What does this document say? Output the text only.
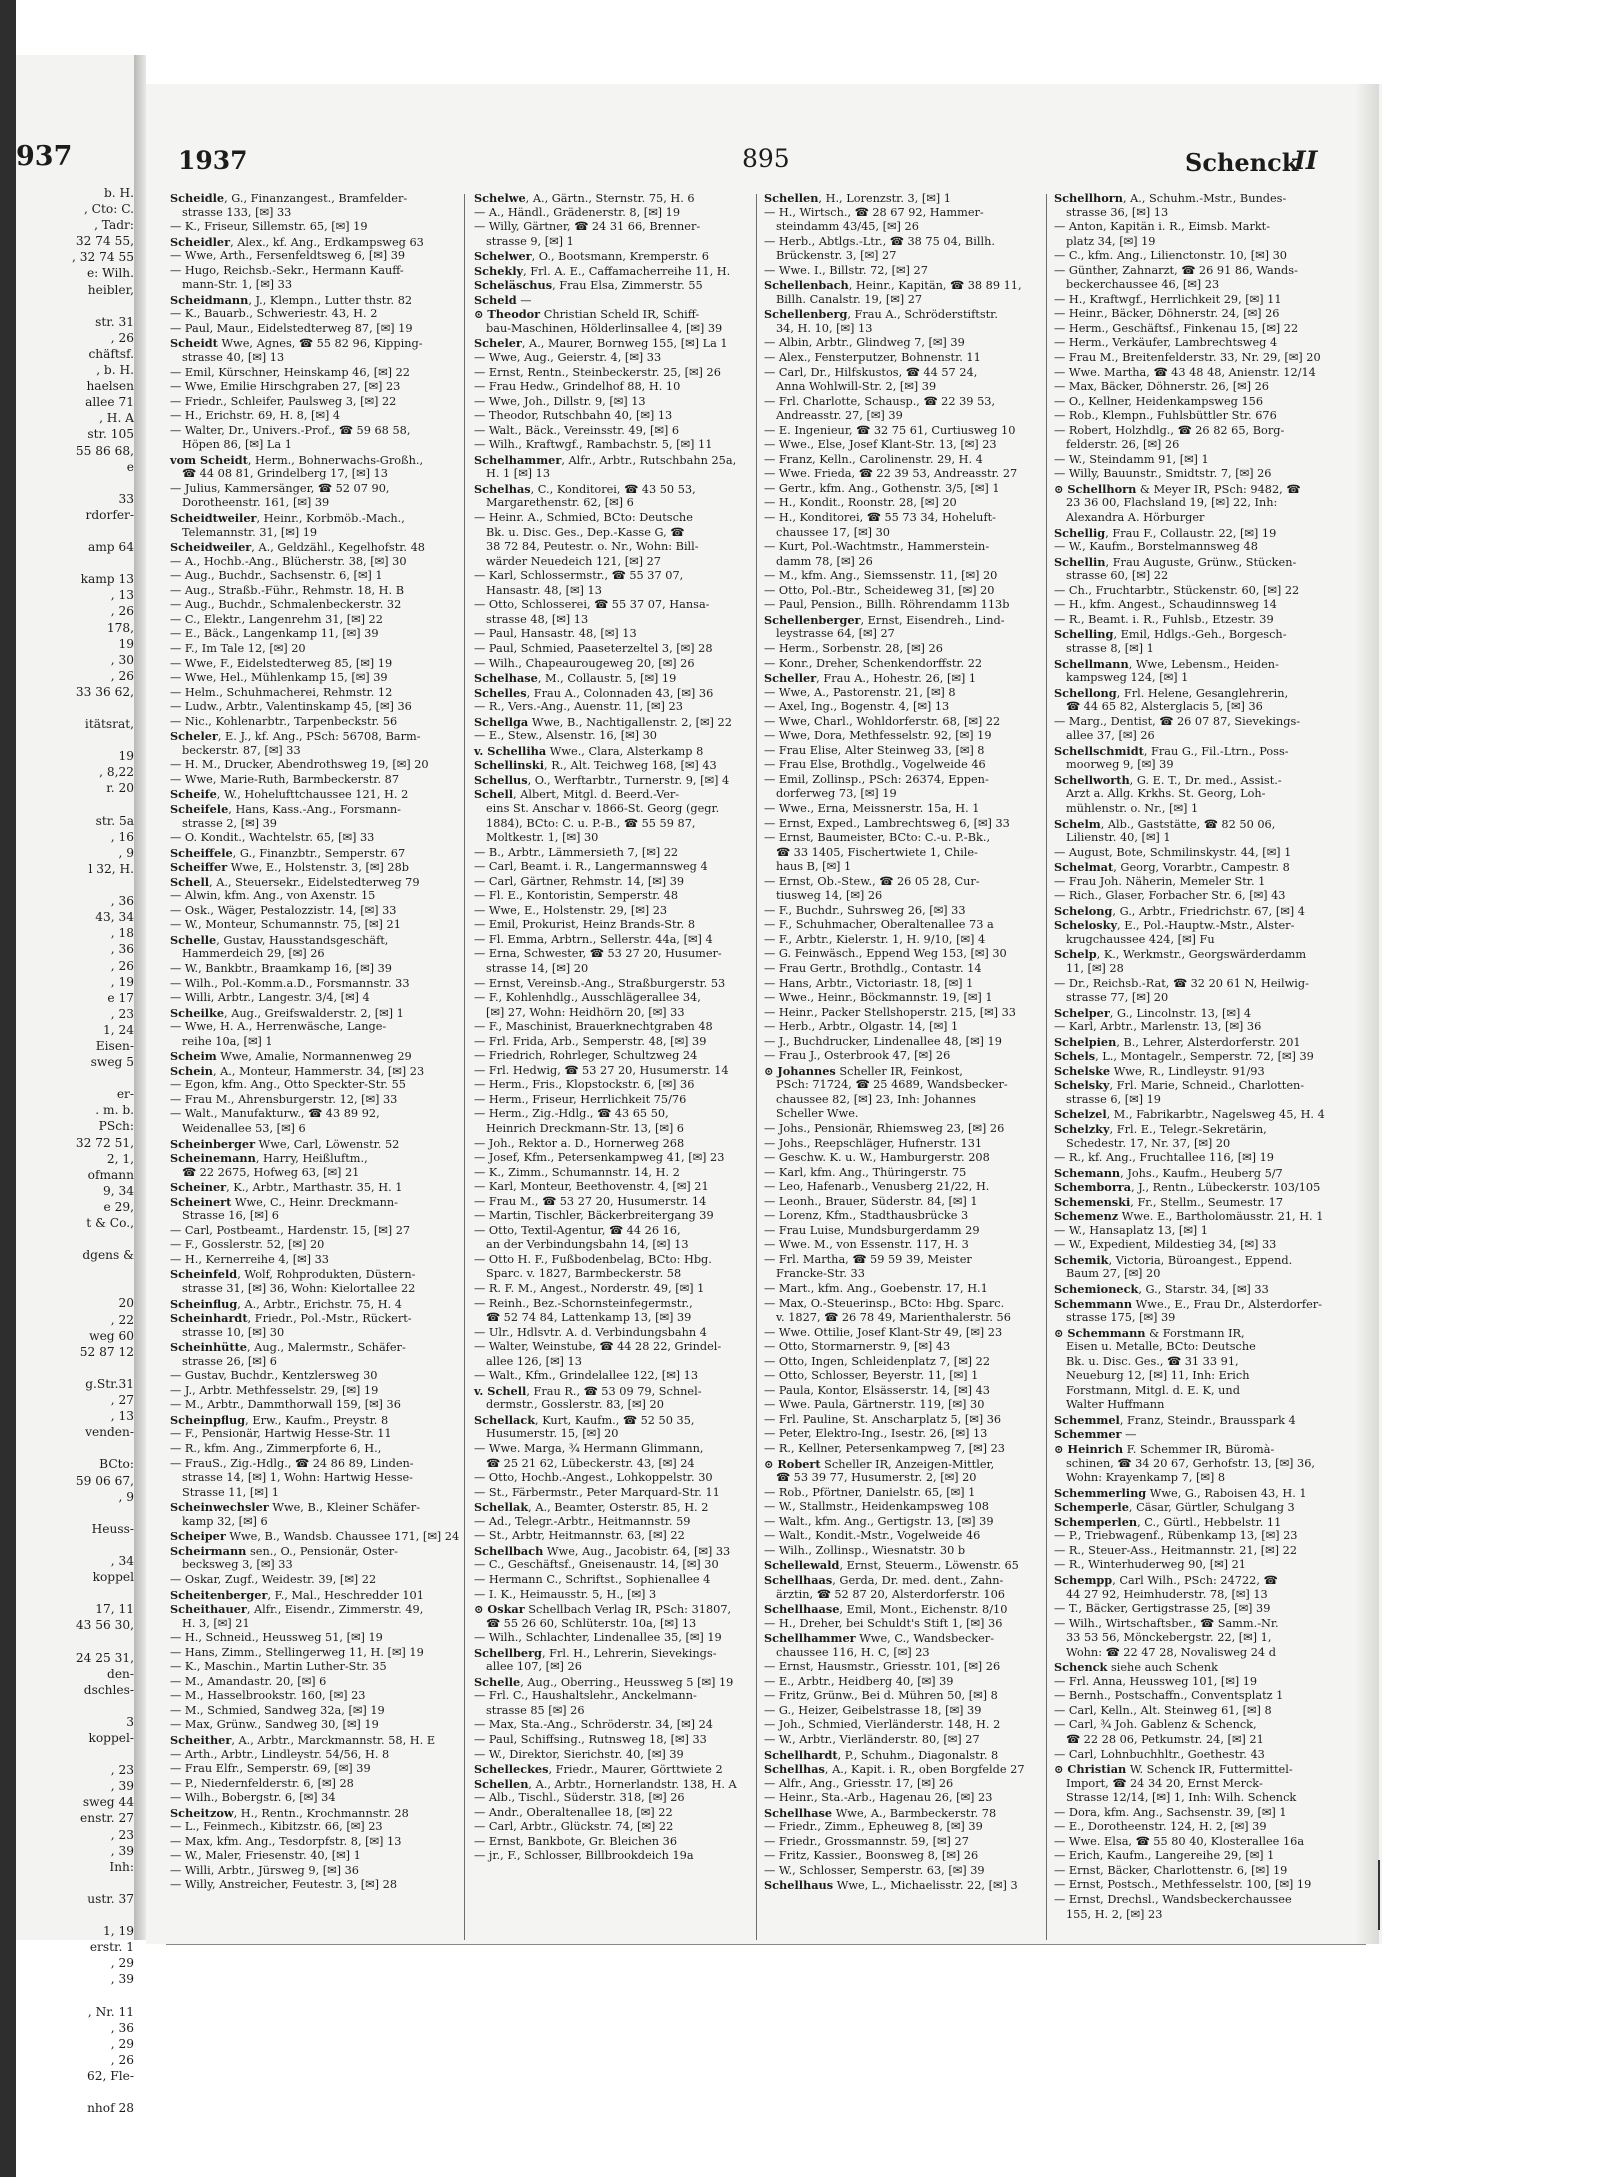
937
b. H.
, Cto: C.
, Tadr:
32 74 55,
, 32 74 55
e: Wilh.
heibler,
str. 31
, 26
chäftsf.
, b. H.
haelsen
allee 71
, H. A
str. 105
55 86 68,
e
33
rdorfer-
amp 64
kamp 13
, 13
, 26
178,
19
, 30
, 26
33 36 62,
itätsrat,
19
, 8,22
r. 20
str. 5a
, 16
, 9
l 32, H.
, 36
43, 34
, 18
, 36
, 26
, 19
e 17
, 23
1, 24
Eisen-
sweg 5
er-
. m. b.
PSch:
32 72 51,
2, 1,
ofmann
9, 34
e 29,
t & Co.,
dgens &
20
, 22
weg 60
52 87 12
g.Str.31
, 27
, 13
venden-
BCto:
59 06 67,
, 9
Heuss-
, 34
koppel
17, 11
43 56 30,
24 25 31,
den-
dschles-
3
koppel-
, 23
, 39
sweg 44
enstr. 27
, 23
, 39
Inh:
ustr. 37
1, 19
erstr. 1
, 29
, 39
, Nr. 11
, 36
, 29
, 26
62, Fle-
nhof 28
1937	895	Schenck
II
Scheidle, G., Finanzangest., Bramfelder-
strasse 133, [✉] 33
— K., Friseur, Sillemstr. 65, [✉] 19
Scheidler, Alex., kf. Ang., Erdkampsweg 63
— Wwe, Arth., Fersenfeldtsweg 6, [✉] 39
— Hugo, Reichsb.-Sekr., Hermann Kauff-
mann-Str. 1, [✉] 33
Scheidmann, J., Klempn., Lutter thstr. 82
— K., Bauarb., Schweriestr. 43, H. 2
— Paul, Maur., Eidelstedterweg 87, [✉] 19
Scheidt Wwe, Agnes, ☎ 55 82 96, Kipping-
strasse 40, [✉] 13
— Emil, Kürschner, Heinskamp 46, [✉] 22
— Wwe, Emilie Hirschgraben 27, [✉] 23
— Friedr., Schleifer, Paulsweg 3, [✉] 22
— H., Erichstr. 69, H. 8, [✉] 4
— Walter, Dr., Univers.-Prof., ☎ 59 68 58,
Höpen 86, [✉] La 1
vom Scheidt, Herm., Bohnerwachs-Großh.,
☎ 44 08 81, Grindelberg 17, [✉] 13
— Julius, Kammersänger, ☎ 52 07 90,
Dorotheenstr. 161, [✉] 39
Scheidtweiler, Heinr., Korbmöb.-Mach.,
Telemannstr. 31, [✉] 19
Scheidweiler, A., Geldzähl., Kegelhofstr. 48
— A., Hochb.-Ang., Blücherstr. 38, [✉] 30
— Aug., Buchdr., Sachsenstr. 6, [✉] 1
— Aug., Straßb.-Führ., Rehmstr. 18, H. B
— Aug., Buchdr., Schmalenbeckerstr. 32
— C., Elektr., Langenrehm 31, [✉] 22
— E., Bäck., Langenkamp 11, [✉] 39
— F., Im Tale 12, [✉] 20
— Wwe, F., Eidelstedterweg 85, [✉] 19
— Wwe, Hel., Mühlenkamp 15, [✉] 39
— Helm., Schuhmacherei, Rehmstr. 12
— Ludw., Arbtr., Valentinskamp 45, [✉] 36
— Nic., Kohlenarbtr., Tarpenbeckstr. 56
Scheler, E. J., kf. Ang., PSch: 56708, Barm-
beckerstr. 87, [✉] 33
— H. M., Drucker, Abendrothsweg 19, [✉] 20
— Wwe, Marie-Ruth, Barmbeckerstr. 87
Scheife, W., Hohelufttchaussee 121, H. 2
Scheifele, Hans, Kass.-Ang., Forsmann-
strasse 2, [✉] 39
— O. Kondit., Wachtelstr. 65, [✉] 33
Scheiffele, G., Finanzbtr., Semperstr. 67
Scheiffer Wwe, E., Holstenstr. 3, [✉] 28b
Schell, A., Steuersekr., Eidelstedterweg 79
— Alwin, kfm. Ang., von Axenstr. 15
— Osk., Wäger, Pestalozzistr. 14, [✉] 33
— W., Monteur, Schumannstr. 75, [✉] 21
Schelle, Gustav, Hausstandsgeschäft,
Hammerdeich 29, [✉] 26
— W., Bankbtr., Braamkamp 16, [✉] 39
— Wilh., Pol.-Komm.a.D., Forsmannstr. 33
— Willi, Arbtr., Langestr. 3/4, [✉] 4
Scheilke, Aug., Greifswalderstr. 2, [✉] 1
— Wwe, H. A., Herrenwäsche, Lange-
reihe 10a, [✉] 1
Scheim Wwe, Amalie, Normannenweg 29
Schein, A., Monteur, Hammerstr. 34, [✉] 23
— Egon, kfm. Ang., Otto Speckter-Str. 55
— Frau M., Ahrensburgerstr. 12, [✉] 33
— Walt., Manufakturw., ☎ 43 89 92,
Weidenallee 53, [✉] 6
Scheinberger Wwe, Carl, Löwenstr. 52
Scheinemann, Harry, Heißluftm.,
☎ 22 2675, Hofweg 63, [✉] 21
Scheiner, K., Arbtr., Marthastr. 35, H. 1
Scheinert Wwe, C., Heinr. Dreckmann-
Strasse 16, [✉] 6
— Carl, Postbeamt., Hardenstr. 15, [✉] 27
— F., Gosslerstr. 52, [✉] 20
— H., Kernerreihe 4, [✉] 33
Scheinfeld, Wolf, Rohprodukten, Düstern-
strasse 31, [✉] 36, Wohn: Kielortallee 22
Scheinflug, A., Arbtr., Erichstr. 75, H. 4
Scheinhardt, Friedr., Pol.-Mstr., Rückert-
strasse 10, [✉] 30
Scheinhütte, Aug., Malermstr., Schäfer-
strasse 26, [✉] 6
— Gustav, Buchdr., Kentzlersweg 30
— J., Arbtr. Methfesselstr. 29, [✉] 19
— M., Arbtr., Dammthorwall 159, [✉] 36
Scheinpflug, Erw., Kaufm., Preystr. 8
— F., Pensionär, Hartwig Hesse-Str. 11
— R., kfm. Ang., Zimmerpforte 6, H.,
— FrauS., Zig.-Hdlg., ☎ 24 86 89, Linden-
strasse 14, [✉] 1, Wohn: Hartwig Hesse-
Strasse 11, [✉] 1
Scheinwechsler Wwe, B., Kleiner Schäfer-
kamp 32, [✉] 6
Scheiper Wwe, B., Wandsb. Chaussee 171, [✉] 24
Scheirmann sen., O., Pensionär, Oster-
becksweg 3, [✉] 33
— Oskar, Zugf., Weidestr. 39, [✉] 22
Scheitenberger, F., Mal., Heschredder 101
Scheithauer, Alfr., Eisendr., Zimmerstr. 49,
H. 3, [✉] 21
— H., Schneid., Heussweg 51, [✉] 19
— Hans, Zimm., Stellingerweg 11, H. [✉] 19
— K., Maschin., Martin Luther-Str. 35
— M., Amandastr. 20, [✉] 6
— M., Hasselbrookstr. 160, [✉] 23
— M., Schmied, Sandweg 32a, [✉] 19
— Max, Grünw., Sandweg 30, [✉] 19
Scheither, A., Arbtr., Marckmannstr. 58, H. E
— Arth., Arbtr., Lindleystr. 54/56, H. 8
— Frau Elfr., Semperstr. 69, [✉] 39
— P., Niedernfelderstr. 6, [✉] 28
— Wilh., Bobergstr. 6, [✉] 34
Scheitzow, H., Rentn., Krochmannstr. 28
— L., Feinmech., Kibitzstr. 66, [✉] 23
— Max, kfm. Ang., Tesdorpfstr. 8, [✉] 13
— W., Maler, Friesenstr. 40, [✉] 1
— Willi, Arbtr., Jürsweg 9, [✉] 36
— Willy, Anstreicher, Feutestr. 3, [✉] 28
Schelwe, A., Gärtn., Sternstr. 75, H. 6
— A., Händl., Grädenerstr. 8, [✉] 19
— Willy, Gärtner, ☎ 24 31 66, Brenner-
strasse 9, [✉] 1
Schelwer, O., Bootsmann, Kremperstr. 6
Schekly, Frl. A. E., Caffamacherreihe 11, H.
Scheläschus, Frau Elsa, Zimmerstr. 55
Scheld —
⊙ Theodor Christian Scheld IR, Schiff-
bau-Maschinen, Hölderlinsallee 4, [✉] 39
Scheler, A., Maurer, Bornweg 155, [✉] La 1
— Wwe, Aug., Geierstr. 4, [✉] 33
— Ernst, Rentn., Steinbeckerstr. 25, [✉] 26
— Frau Hedw., Grindelhof 88, H. 10
— Wwe, Joh., Dillstr. 9, [✉] 13
— Theodor, Rutschbahn 40, [✉] 13
— Walt., Bäck., Vereinsstr. 49, [✉] 6
— Wilh., Kraftwgf., Rambachstr. 5, [✉] 11
Schelhammer, Alfr., Arbtr., Rutschbahn 25a,
H. 1 [✉] 13
Schelhas, C., Konditorei, ☎ 43 50 53,
Margarethenstr. 62, [✉] 6
— Heinr. A., Schmied, BCto: Deutsche
Bk. u. Disc. Ges., Dep.-Kasse G, ☎
38 72 84, Peutestr. o. Nr., Wohn: Bill-
wärder Neuedeich 121, [✉] 27
— Karl, Schlossermstr., ☎ 55 37 07,
Hansastr. 48, [✉] 13
— Otto, Schlosserei, ☎ 55 37 07, Hansa-
strasse 48, [✉] 13
— Paul, Hansastr. 48, [✉] 13
— Paul, Schmied, Paaseterzeltel 3, [✉] 28
— Wilh., Chapeaurougeweg 20, [✉] 26
Schelhase, M., Collaustr. 5, [✉] 19
Schelles, Frau A., Colonnaden 43, [✉] 36
— R., Vers.-Ang., Auenstr. 11, [✉] 23
Schellga Wwe, B., Nachtigallenstr. 2, [✉] 22
— E., Stew., Alsenstr. 16, [✉] 30
v. Schelliha Wwe., Clara, Alsterkamp 8
Schellinski, R., Alt. Teichweg 168, [✉] 43
Schellus, O., Werftarbtr., Turnerstr. 9, [✉] 4
Schell, Albert, Mitgl. d. Beerd.-Ver-
eins St. Anschar v. 1866-St. Georg (gegr.
1884), BCto: C. u. P.-B., ☎ 55 59 87,
Moltkestr. 1, [✉] 30
— B., Arbtr., Lämmersieth 7, [✉] 22
— Carl, Beamt. i. R., Langermannsweg 4
— Carl, Gärtner, Rehmstr. 14, [✉] 39
— Fl. E., Kontoristin, Semperstr. 48
— Wwe, E., Holstenstr. 29, [✉] 23
— Emil, Prokurist, Heinz Brands-Str. 8
— Fl. Emma, Arbtrn., Sellerstr. 44a, [✉] 4
— Erna, Schwester, ☎ 53 27 20, Husumer-
strasse 14, [✉] 20
— Ernst, Vereinsb.-Ang., Straßburgerstr. 53
— F., Kohlenhdlg., Ausschlägerallee 34,
[✉] 27, Wohn: Heidhörn 20, [✉] 33
— F., Maschinist, Brauerknechtgraben 48
— Frl. Frida, Arb., Semperstr. 48, [✉] 39
— Friedrich, Rohrleger, Schultzweg 24
— Frl. Hedwig, ☎ 53 27 20, Husumerstr. 14
— Herm., Fris., Klopstockstr. 6, [✉] 36
— Herm., Friseur, Herrlichkeit 75/76
— Herm., Zig.-Hdlg., ☎ 43 65 50,
Heinrich Dreckmann-Str. 13, [✉] 6
— Joh., Rektor a. D., Hornerweg 268
— Josef, Kfm., Petersenkampweg 41, [✉] 23
— K., Zimm., Schumannstr. 14, H. 2
— Karl, Monteur, Beethovenstr. 4, [✉] 21
— Frau M., ☎ 53 27 20, Husumerstr. 14
— Martin, Tischler, Bäckerbreitergang 39
— Otto, Textil-Agentur, ☎ 44 26 16,
an der Verbindungsbahn 14, [✉] 13
— Otto H. F., Fußbodenbelag, BCto: Hbg.
Sparc. v. 1827, Barmbeckerstr. 58
— R. F. M., Angest., Norderstr. 49, [✉] 1
— Reinh., Bez.-Schornsteinfegermstr.,
☎ 52 74 84, Lattenkamp 13, [✉] 39
— Ulr., Hdlsvtr. A. d. Verbindungsbahn 4
— Walter, Weinstube, ☎ 44 28 22, Grindel-
allee 126, [✉] 13
— Walt., Kfm., Grindelallee 122, [✉] 13
v. Schell, Frau R., ☎ 53 09 79, Schnel-
dermstr., Gosslerstr. 83, [✉] 20
Schellack, Kurt, Kaufm., ☎ 52 50 35,
Husumerstr. 15, [✉] 20
— Wwe. Marga, ¾ Hermann Glimmann,
☎ 25 21 62, Lübeckerstr. 43, [✉] 24
— Otto, Hochb.-Angest., Lohkoppelstr. 30
— St., Färbermstr., Peter Marquard-Str. 11
Schellak, A., Beamter, Osterstr. 85, H. 2
— Ad., Telegr.-Arbtr., Heitmannstr. 59
— St., Arbtr, Heitmannstr. 63, [✉] 22
Schellbach Wwe, Aug., Jacobistr. 64, [✉] 33
— C., Geschäftsf., Gneisenaustr. 14, [✉] 30
— Hermann C., Schriftst., Sophienallee 4
— I. K., Heimausstr. 5, H., [✉] 3
⊙ Oskar Schellbach Verlag IR, PSch: 31807,
☎ 55 26 60, Schlüterstr. 10a, [✉] 13
— Wilh., Schlachter, Lindenallee 35, [✉] 19
Schellberg, Frl. H., Lehrerin, Sievekings-
allee 107, [✉] 26
Schelle, Aug., Oberring., Heussweg 5 [✉] 19
— Frl. C., Haushaltslehr., Anckelmann-
strasse 85 [✉] 26
— Max, Sta.-Ang., Schröderstr. 34, [✉] 24
— Paul, Schiffsing., Rutnsweg 18, [✉] 33
— W., Direktor, Sierichstr. 40, [✉] 39
Schelleckes, Friedr., Maurer, Görttwiete 2
Schellen, A., Arbtr., Hornerlandstr. 138, H. A
— Alb., Tischl., Süderstr. 318, [✉] 26
— Andr., Oberaltenallee 18, [✉] 22
— Carl, Arbtr., Glückstr. 74, [✉] 22
— Ernst, Bankbote, Gr. Bleichen 36
— jr., F., Schlosser, Billbrookdeich 19a
Schellen, H., Lorenzstr. 3, [✉] 1
— H., Wirtsch., ☎ 28 67 92, Hammer-
steindamm 43/45, [✉] 26
— Herb., Abtlgs.-Ltr., ☎ 38 75 04, Billh.
Brückenstr. 3, [✉] 27
— Wwe. I., Billstr. 72, [✉] 27
Schellenbach, Heinr., Kapitän, ☎ 38 89 11,
Billh. Canalstr. 19, [✉] 27
Schellenberg, Frau A., Schröderstiftstr.
34, H. 10, [✉] 13
— Albin, Arbtr., Glindweg 7, [✉] 39
— Alex., Fensterputzer, Bohnenstr. 11
— Carl, Dr., Hilfskustos, ☎ 44 57 24,
Anna Wohlwill-Str. 2, [✉] 39
— Frl. Charlotte, Schausp., ☎ 22 39 53,
Andreasstr. 27, [✉] 39
— E. Ingenieur, ☎ 32 75 61, Curtiusweg 10
— Wwe., Else, Josef Klant-Str. 13, [✉] 23
— Franz, Kelln., Carolinenstr. 29, H. 4
— Wwe. Frieda, ☎ 22 39 53, Andreasstr. 27
— Gertr., kfm. Ang., Gothenstr. 3/5, [✉] 1
— H., Kondit., Roonstr. 28, [✉] 20
— H., Konditorei, ☎ 55 73 34, Hoheluft-
chaussee 17, [✉] 30
— Kurt, Pol.-Wachtmstr., Hammerstein-
damm 78, [✉] 26
— M., kfm. Ang., Siemssenstr. 11, [✉] 20
— Otto, Pol.-Btr., Scheideweg 31, [✉] 20
— Paul, Pension., Billh. Röhrendamm 113b
Schellenberger, Ernst, Eisendreh., Lind-
leystrasse 64, [✉] 27
— Herm., Sorbenstr. 28, [✉] 26
— Konr., Dreher, Schenkendorffstr. 22
Scheller, Frau A., Hohestr. 26, [✉] 1
— Wwe, A., Pastorenstr. 21, [✉] 8
— Axel, Ing., Bogenstr. 4, [✉] 13
— Wwe, Charl., Wohldorferstr. 68, [✉] 22
— Wwe, Dora, Methfesselstr. 92, [✉] 19
— Frau Elise, Alter Steinweg 33, [✉] 8
— Frau Else, Brothdlg., Vogelweide 46
— Emil, Zollinsp., PSch: 26374, Eppen-
dorferweg 73, [✉] 19
— Wwe., Erna, Meissnerstr. 15a, H. 1
— Ernst, Exped., Lambrechtsweg 6, [✉] 33
— Ernst, Baumeister, BCto: C.-u. P.-Bk.,
☎ 33 1405, Fischertwiete 1, Chile-
haus B, [✉] 1
— Ernst, Ob.-Stew., ☎ 26 05 28, Cur-
tiusweg 14, [✉] 26
— F., Buchdr., Suhrsweg 26, [✉] 33
— F., Schuhmacher, Oberaltenallee 73 a
— F., Arbtr., Kielerstr. 1, H. 9/10, [✉] 4
— G. Feinwäsch., Eppend Weg 153, [✉] 30
— Frau Gertr., Brothdlg., Contastr. 14
— Hans, Arbtr., Victoriastr. 18, [✉] 1
— Wwe., Heinr., Böckmannstr. 19, [✉] 1
— Heinr., Packer Stellshoperstr. 215, [✉] 33
— Herb., Arbtr., Olgastr. 14, [✉] 1
— J., Buchdrucker, Lindenallee 48, [✉] 19
— Frau J., Osterbrook 47, [✉] 26
⊙ Johannes Scheller IR, Feinkost,
PSch: 71724, ☎ 25 4689, Wandsbecker-
chaussee 82, [✉] 23, Inh: Johannes
Scheller Wwe.
— Johs., Pensionär, Rhiemsweg 23, [✉] 26
— Johs., Reepschläger, Hufnerstr. 131
— Geschw. K. u. W., Hamburgerstr. 208
— Karl, kfm. Ang., Thüringerstr. 75
— Leo, Hafenarb., Venusberg 21/22, H.
— Leonh., Brauer, Süderstr. 84, [✉] 1
— Lorenz, Kfm., Stadthausbrücke 3
— Frau Luise, Mundsburgerdamm 29
— Wwe. M., von Essenstr. 117, H. 3
— Frl. Martha, ☎ 59 59 39, Meister
Francke-Str. 33
— Mart., kfm. Ang., Goebenstr. 17, H.1
— Max, O.-Steuerinsp., BCto: Hbg. Sparc.
v. 1827, ☎ 26 78 49, Marienthalerstr. 56
— Wwe. Ottilie, Josef Klant-Str 49, [✉] 23
— Otto, Stormarnerstr. 9, [✉] 43
— Otto, Ingen, Schleidenplatz 7, [✉] 22
— Otto, Schlosser, Beyerstr. 11, [✉] 1
— Paula, Kontor, Elsässerstr. 14, [✉] 43
— Wwe. Paula, Gärtnerstr. 119, [✉] 30
— Frl. Pauline, St. Anscharplatz 5, [✉] 36
— Peter, Elektro-Ing., Isestr. 26, [✉] 13
— R., Kellner, Petersenkampweg 7, [✉] 23
⊙ Robert Scheller IR, Anzeigen-Mittler,
☎ 53 39 77, Husumerstr. 2, [✉] 20
— Rob., Pförtner, Danielstr. 65, [✉] 1
— W., Stallmstr., Heidenkampsweg 108
— Walt., kfm. Ang., Gertigstr. 13, [✉] 39
— Walt., Kondit.-Mstr., Vogelweide 46
— Wilh., Zollinsp., Wiesnatstr. 30 b
Schellewald, Ernst, Steuerm., Löwenstr. 65
Schellhaas, Gerda, Dr. med. dent., Zahn-
ärztin, ☎ 52 87 20, Alsterdorferstr. 106
Schellhaase, Emil, Mont., Eichenstr. 8/10
— H., Dreher, bei Schuldt's Stift 1, [✉] 36
Schellhammer Wwe, C., Wandsbecker-
chaussee 116, H. C, [✉] 23
— Ernst, Hausmstr., Griesstr. 101, [✉] 26
— E., Arbtr., Heidberg 40, [✉] 39
— Fritz, Grünw., Bei d. Mühren 50, [✉] 8
— G., Heizer, Geibelstrasse 18, [✉] 39
— Joh., Schmied, Vierländerstr. 148, H. 2
— W., Arbtr., Vierländerstr. 80, [✉] 27
Schellhardt, P., Schuhm., Diagonalstr. 8
Schellhas, A., Kapit. i. R., oben Borgfelde 27
— Alfr., Ang., Griesstr. 17, [✉] 26
— Heinr., Sta.-Arb., Hagenau 26, [✉] 23
Schellhase Wwe, A., Barmbeckerstr. 78
— Friedr., Zimm., Epheuweg 8, [✉] 39
— Friedr., Grossmannstr. 59, [✉] 27
— Fritz, Kassier., Boonsweg 8, [✉] 26
— W., Schlosser, Semperstr. 63, [✉] 39
Schellhaus Wwe, L., Michaelisstr. 22, [✉] 3
Schellhorn, A., Schuhm.-Mstr., Bundes-
strasse 36, [✉] 13
— Anton, Kapitän i. R., Eimsb. Markt-
platz 34, [✉] 19
— C., kfm. Ang., Lilienctonstr. 10, [✉] 30
— Günther, Zahnarzt, ☎ 26 91 86, Wands-
beckerchaussee 46, [✉] 23
— H., Kraftwgf., Herrlichkeit 29, [✉] 11
— Heinr., Bäcker, Döhnerstr. 24, [✉] 26
— Herm., Geschäftsf., Finkenau 15, [✉] 22
— Herm., Verkäufer, Lambrechtsweg 4
— Frau M., Breitenfelderstr. 33, Nr. 29, [✉] 20
— Wwe. Martha, ☎ 43 48 48, Anienstr. 12/14
— Max, Bäcker, Döhnerstr. 26, [✉] 26
— O., Kellner, Heidenkampsweg 156
— Rob., Klempn., Fuhlsbüttler Str. 676
— Robert, Holzhdlg., ☎ 26 82 65, Borg-
felderstr. 26, [✉] 26
— W., Steindamm 91, [✉] 1
— Willy, Bauunstr., Smidtstr. 7, [✉] 26
⊙ Schellhorn & Meyer IR, PSch: 9482, ☎
23 36 00, Flachsland 19, [✉] 22, Inh:
Alexandra A. Hörburger
Schellig, Frau F., Collaustr. 22, [✉] 19
— W., Kaufm., Borstelmannsweg 48
Schellin, Frau Auguste, Grünw., Stücken-
strasse 60, [✉] 22
— Ch., Fruchtarbtr., Stückenstr. 60, [✉] 22
— H., kfm. Angest., Schaudinnsweg 14
— R., Beamt. i. R., Fuhlsb., Etzestr. 39
Schelling, Emil, Hdlgs.-Geh., Borgesch-
strasse 8, [✉] 1
Schellmann, Wwe, Lebensm., Heiden-
kampsweg 124, [✉] 1
Schellong, Frl. Helene, Gesanglehrerin,
☎ 44 65 82, Alsterglacis 5, [✉] 36
— Marg., Dentist, ☎ 26 07 87, Sievekings-
allee 37, [✉] 26
Schellschmidt, Frau G., Fil.-Ltrn., Poss-
moorweg 9, [✉] 39
Schellworth, G. E. T., Dr. med., Assist.-
Arzt a. Allg. Krkhs. St. Georg, Loh-
mühlenstr. o. Nr., [✉] 1
Schelm, Alb., Gaststätte, ☎ 82 50 06,
Lilienstr. 40, [✉] 1
— August, Bote, Schmilinskystr. 44, [✉] 1
Schelmat, Georg, Vorarbtr., Campestr. 8
— Frau Joh. Näherin, Memeler Str. 1
— Rich., Glaser, Forbacher Str. 6, [✉] 43
Schelong, G., Arbtr., Friedrichstr. 67, [✉] 4
Schelosky, E., Pol.-Hauptw.-Mstr., Alster-
krugchaussee 424, [✉] Fu
Schelp, K., Werkmstr., Georgswärderdamm
11, [✉] 28
— Dr., Reichsb.-Rat, ☎ 32 20 61 N, Heilwig-
strasse 77, [✉] 20
Schelper, G., Lincolnstr. 13, [✉] 4
— Karl, Arbtr., Marlenstr. 13, [✉] 36
Schelpien, B., Lehrer, Alsterdorferstr. 201
Schels, L., Montagelr., Semperstr. 72, [✉] 39
Schelske Wwe, R., Lindleystr. 91/93
Schelsky, Frl. Marie, Schneid., Charlotten-
strasse 6, [✉] 19
Schelzel, M., Fabrikarbtr., Nagelsweg 45, H. 4
Schelzky, Frl. E., Telegr.-Sekretärin,
Schedestr. 17, Nr. 37, [✉] 20
— R., kf. Ang., Fruchtallee 116, [✉] 19
Schemann, Johs., Kaufm., Heuberg 5/7
Schemborra, J., Rentn., Lübeckerstr. 103/105
Schemenski, Fr., Stellm., Seumestr. 17
Schemenz Wwe. E., Bartholomäusstr. 21, H. 1
— W., Hansaplatz 13, [✉] 1
— W., Expedient, Mildestieg 34, [✉] 33
Schemik, Victoria, Büroangest., Eppend.
Baum 27, [✉] 20
Schemioneck, G., Starstr. 34, [✉] 33
Schemmann Wwe., E., Frau Dr., Alsterdorfer-
strasse 175, [✉] 39
⊙ Schemmann & Forstmann IR,
Eisen u. Metalle, BCto: Deutsche
Bk. u. Disc. Ges., ☎ 31 33 91,
Neueburg 12, [✉] 11, Inh: Erich
Forstmann, Mitgl. d. E. K, und
Walter Huffmann
Schemmel, Franz, Steindr., Brausspark 4
Schemmer —
⊙ Heinrich F. Schemmer IR, Büromà-
schinen, ☎ 34 20 67, Gerhofstr. 13, [✉] 36,
Wohn: Krayenkamp 7, [✉] 8
Schemmerling Wwe, G., Raboisen 43, H. 1
Schemperle, Cäsar, Gürtler, Schulgang 3
Schemperlen, C., Gürtl., Hebbelstr. 11
— P., Triebwagenf., Rübenkamp 13, [✉] 23
— R., Steuer-Ass., Heitmannstr. 21, [✉] 22
— R., Winterhuderweg 90, [✉] 21
Schempp, Carl Wilh., PSch: 24722, ☎
44 27 92, Heimhuderstr. 78, [✉] 13
— T., Bäcker, Gertigstrasse 25, [✉] 39
— Wilh., Wirtschaftsber., ☎ Samm.-Nr.
33 53 56, Mönckebergstr. 22, [✉] 1,
Wohn: ☎ 22 47 28, Novalisweg 24 d
Schenck siehe auch Schenk
— Frl. Anna, Heussweg 101, [✉] 19
— Bernh., Postschaffn., Conventsplatz 1
— Carl, Kelln., Alt. Steinweg 61, [✉] 8
— Carl, ¾ Joh. Gablenz & Schenck,
☎ 22 28 06, Petkumstr. 24, [✉] 21
— Carl, Lohnbuchhltr., Goethestr. 43
⊙ Christian W. Schenck IR, Futtermittel-
Import, ☎ 24 34 20, Ernst Merck-
Strasse 12/14, [✉] 1, Inh: Wilh. Schenck
— Dora, kfm. Ang., Sachsenstr. 39, [✉] 1
— E., Dorotheenstr. 124, H. 2, [✉] 39
— Wwe. Elsa, ☎ 55 80 40, Klosterallee 16a
— Erich, Kaufm., Langereihe 29, [✉] 1
— Ernst, Bäcker, Charlottenstr. 6, [✉] 19
— Ernst, Postsch., Methfesselstr. 100, [✉] 19
— Ernst, Drechsl., Wandsbeckerchaussee
155, H. 2, [✉] 23
